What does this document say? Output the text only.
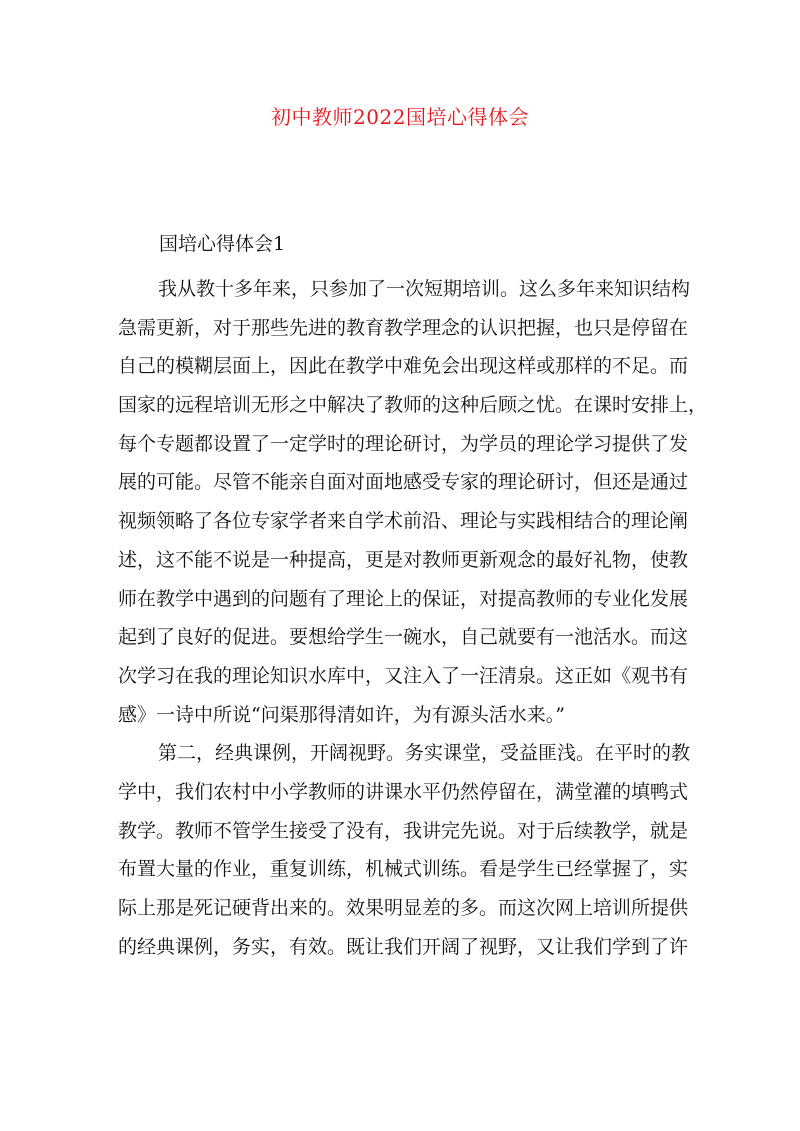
初中教师2022国培心得体会
国培心得体会1
我从教十多年来，只参加了一次短期培训。这么多年来知识结构
急需更新，对于那些先进的教育教学理念的认识把握，也只是停留在
自己的模糊层面上，因此在教学中难免会出现这样或那样的不足。而
国家的远程培训无形之中解决了教师的这种后顾之忧。在课时安排上，
每个专题都设置了一定学时的理论研讨，为学员的理论学习提供了发
展的可能。尽管不能亲自面对面地感受专家的理论研讨，但还是通过
视频领略了各位专家学者来自学术前沿、理论与实践相结合的理论阐
述，这不能不说是一种提高，更是对教师更新观念的最好礼物，使教
师在教学中遇到的问题有了理论上的保证，对提高教师的专业化发展
起到了良好的促进。要想给学生一碗水，自己就要有一池活水。而这
次学习在我的理论知识水库中，又注入了一汪清泉。这正如《观书有
感》一诗中所说“问渠那得清如许，为有源头活水来。”
第二，经典课例，开阔视野。务实课堂，受益匪浅。在平时的教
学中，我们农村中小学教师的讲课水平仍然停留在，满堂灌的填鸭式
教学。教师不管学生接受了没有，我讲完先说。对于后续教学，就是
布置大量的作业，重复训练，机械式训练。看是学生已经掌握了，实
际上那是死记硬背出来的。效果明显差的多。而这次网上培训所提供
的经典课例，务实，有效。既让我们开阔了视野，又让我们学到了许
